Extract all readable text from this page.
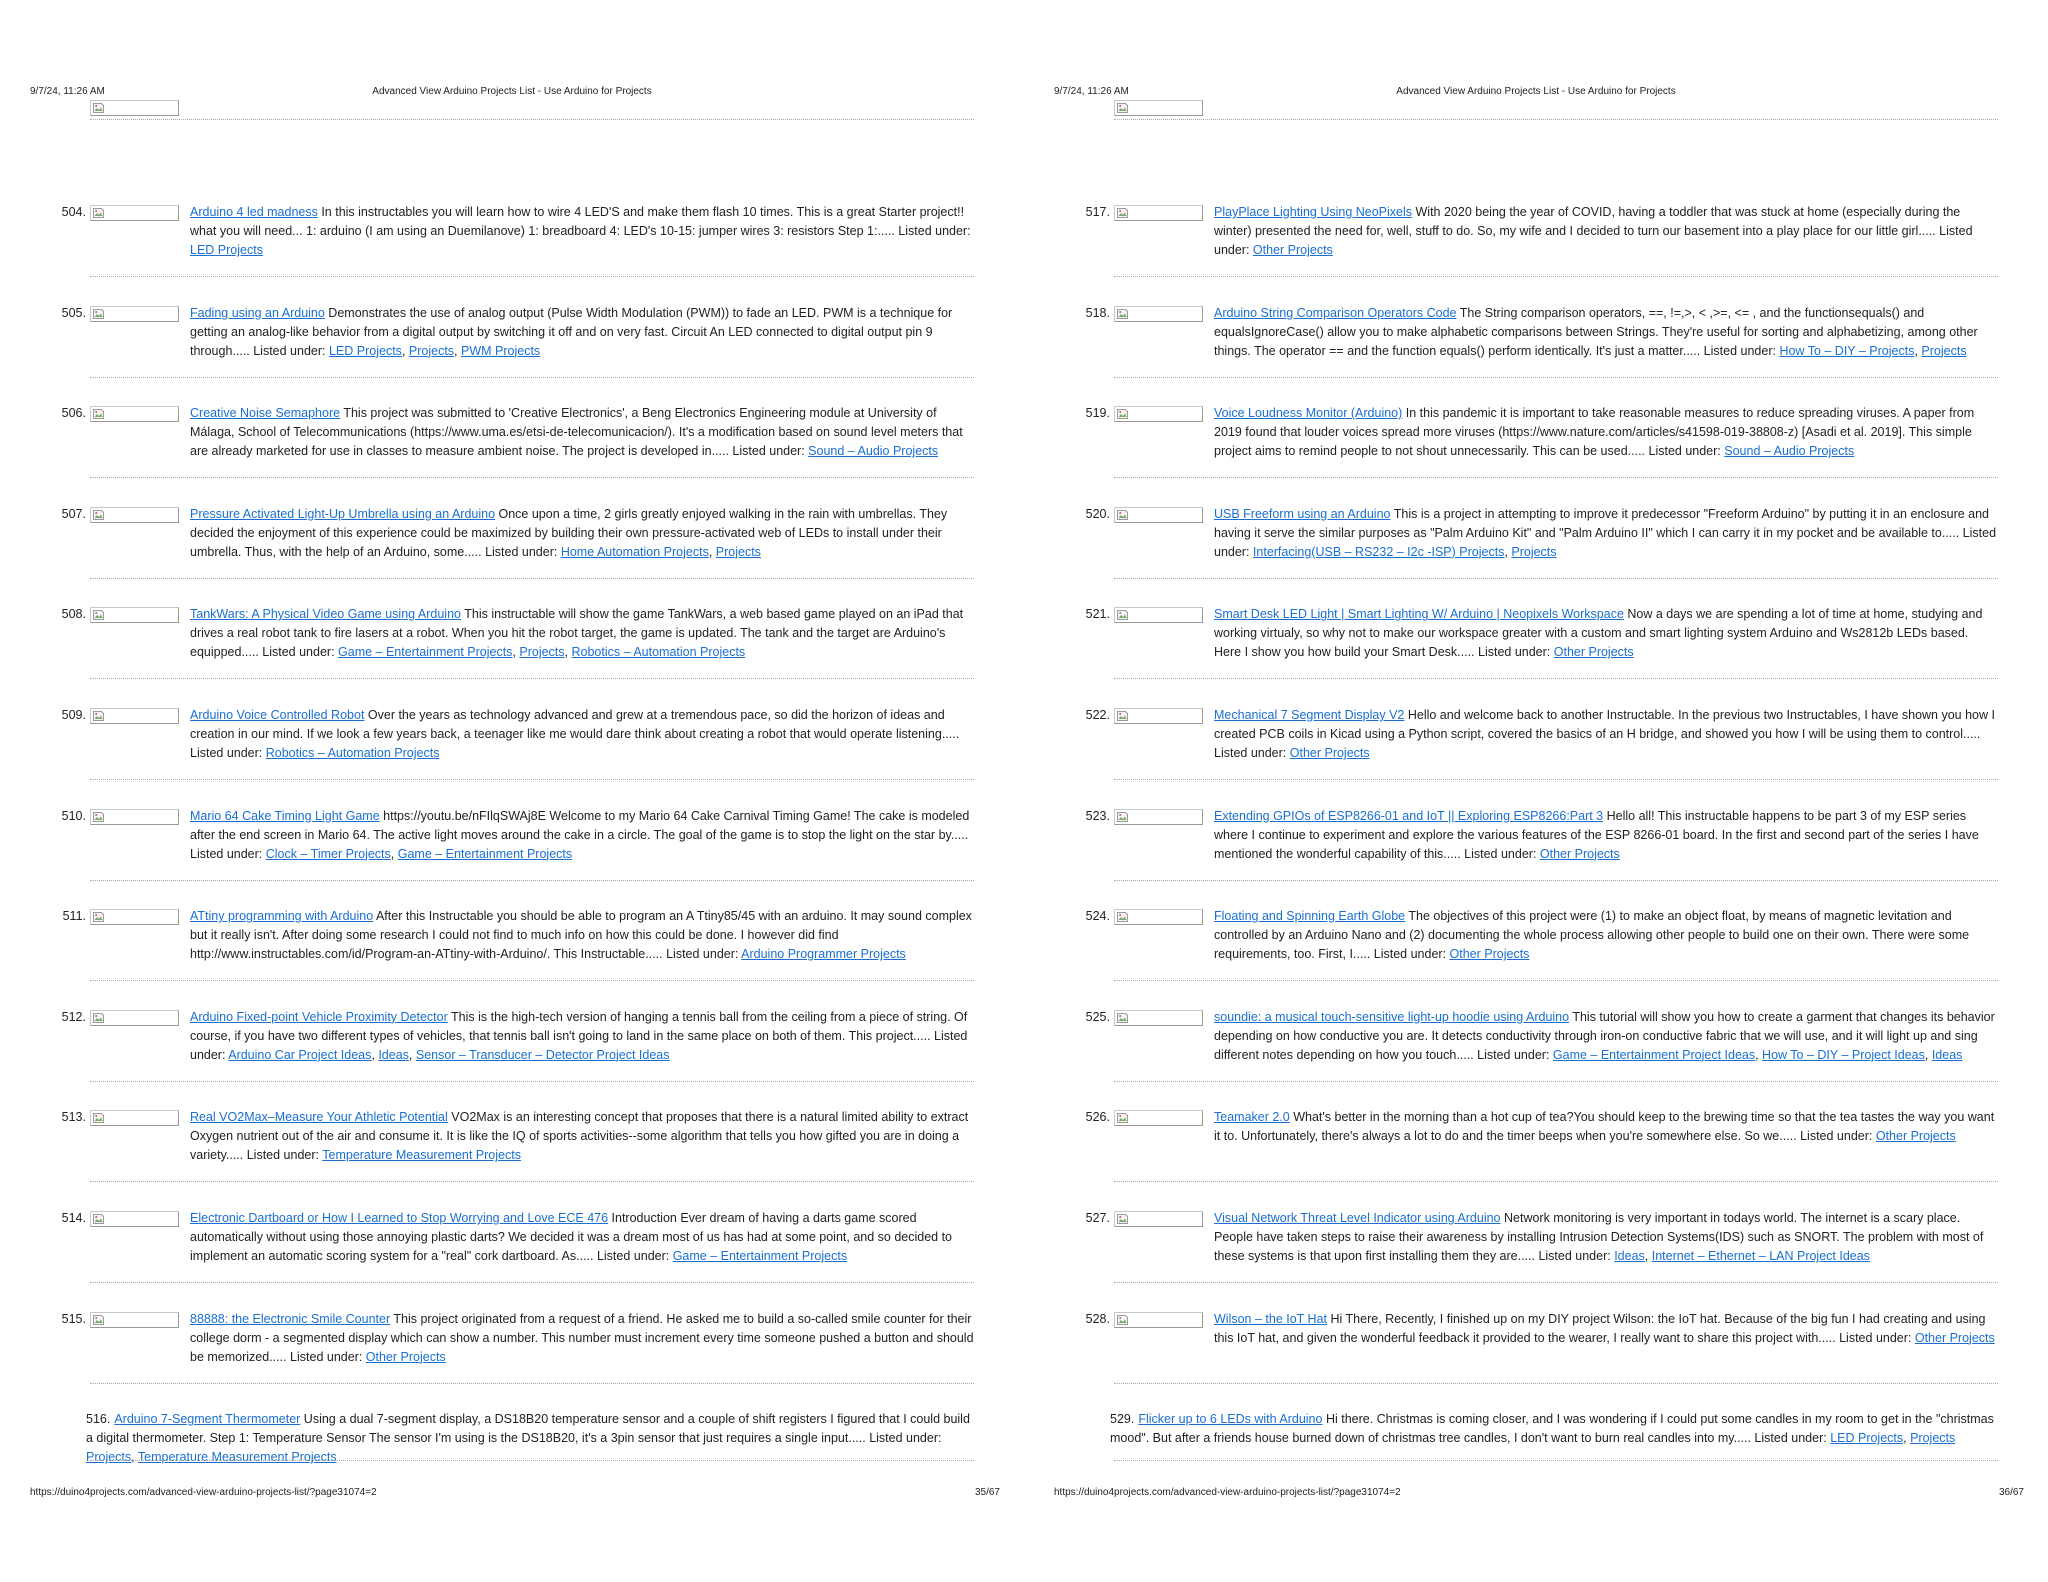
9/7/24, 11:26 AM	Advanced View Arduino Projects List - Use Arduino for Projects
504.	Arduino 4 led madness In this instructables you will learn how to wire 4 LED'S and make them flash 10 times. This is a great Starter project!! what you will need... 1: arduino (I am using an Duemilanove) 1: breadboard 4: LED's 10-15: jumper wires 3: resistors Step 1:..... Listed under: LED Projects
505.	Fading using an Arduino Demonstrates the use of analog output (Pulse Width Modulation (PWM)) to fade an LED. PWM is a technique for getting an analog-like behavior from a digital output by switching it off and on very fast. Circuit An LED connected to digital output pin 9 through..... Listed under: LED Projects, Projects, PWM Projects
506.	Creative Noise Semaphore This project was submitted to 'Creative Electronics', a Beng Electronics Engineering module at University of Málaga, School of Telecommunications (https://www.uma.es/etsi-de-telecomunicacion/). It's a modification based on sound level meters that are already marketed for use in classes to measure ambient noise. The project is developed in..... Listed under: Sound – Audio Projects
507.	Pressure Activated Light-Up Umbrella using an Arduino Once upon a time, 2 girls greatly enjoyed walking in the rain with umbrellas. They decided the enjoyment of this experience could be maximized by building their own pressure-activated web of LEDs to install under their umbrella. Thus, with the help of an Arduino, some..... Listed under: Home Automation Projects, Projects
508.	TankWars: A Physical Video Game using Arduino This instructable will show the game TankWars, a web based game played on an iPad that drives a real robot tank to fire lasers at a robot. When you hit the robot target, the game is updated. The tank and the target are Arduino's equipped..... Listed under: Game – Entertainment Projects, Projects, Robotics – Automation Projects
509.	Arduino Voice Controlled Robot Over the years as technology advanced and grew at a tremendous pace, so did the horizon of ideas and creation in our mind. If we look a few years back, a teenager like me would dare think about creating a robot that would operate listening..... Listed under: Robotics – Automation Projects
510.	Mario 64 Cake Timing Light Game https://youtu.be/nFIlqSWAj8E Welcome to my Mario 64 Cake Carnival Timing Game! The cake is modeled after the end screen in Mario 64. The active light moves around the cake in a circle. The goal of the game is to stop the light on the star by..... Listed under: Clock – Timer Projects, Game – Entertainment Projects
511.	ATtiny programming with Arduino After this Instructable you should be able to program an A Ttiny85/45 with an arduino. It may sound complex but it really isn't. After doing some research I could not find to much info on how this could be done. I however did find http://www.instructables.com/id/Program-an-ATtiny-with-Arduino/. This Instructable..... Listed under: Arduino Programmer Projects
512.	Arduino Fixed-point Vehicle Proximity Detector This is the high-tech version of hanging a tennis ball from the ceiling from a piece of string. Of course, if you have two different types of vehicles, that tennis ball isn't going to land in the same place on both of them. This project..... Listed under: Arduino Car Project Ideas, Ideas, Sensor – Transducer – Detector Project Ideas
513.	Real VO2Max–Measure Your Athletic Potential VO2Max is an interesting concept that proposes that there is a natural limited ability to extract Oxygen nutrient out of the air and consume it. It is like the IQ of sports activities--some algorithm that tells you how gifted you are in doing a variety..... Listed under: Temperature Measurement Projects
514.	Electronic Dartboard or How I Learned to Stop Worrying and Love ECE 476 Introduction Ever dream of having a darts game scored automatically without using those annoying plastic darts? We decided it was a dream most of us has had at some point, and so decided to implement an automatic scoring system for a "real" cork dartboard. As..... Listed under: Game – Entertainment Projects
515.	88888: the Electronic Smile Counter This project originated from a request of a friend. He asked me to build a so-called smile counter for their college dorm - a segmented display which can show a number. This number must increment every time someone pushed a button and should be memorized..... Listed under: Other Projects
516. Arduino 7-Segment Thermometer Using a dual 7-segment display, a DS18B20 temperature sensor and a couple of shift registers I figured that I could build a digital thermometer. Step 1: Temperature Sensor The sensor I'm using is the DS18B20, it's a 3pin sensor that just requires a single input..... Listed under: Projects, Temperature Measurement Projects
https://duino4projects.com/advanced-view-arduino-projects-list/?page31074=2	35/67
9/7/24, 11:26 AM	Advanced View Arduino Projects List - Use Arduino for Projects
517.	PlayPlace Lighting Using NeoPixels With 2020 being the year of COVID, having a toddler that was stuck at home (especially during the winter) presented the need for, well, stuff to do. So, my wife and I decided to turn our basement into a play place for our little girl..... Listed under: Other Projects
518.	Arduino String Comparison Operators Code The String comparison operators, ==, !=,>, < ,>=, <= , and the functionsequals() and equalsIgnoreCase() allow you to make alphabetic comparisons between Strings. They're useful for sorting and alphabetizing, among other things. The operator == and the function equals() perform identically. It's just a matter..... Listed under: How To – DIY – Projects, Projects
519.	Voice Loudness Monitor (Arduino) In this pandemic it is important to take reasonable measures to reduce spreading viruses. A paper from 2019 found that louder voices spread more viruses (https://www.nature.com/articles/s41598-019-38808-z) [Asadi et al. 2019]. This simple project aims to remind people to not shout unnecessarily. This can be used..... Listed under: Sound – Audio Projects
520.	USB Freeform using an Arduino This is a project in attempting to improve it predecessor "Freeform Arduino" by putting it in an enclosure and having it serve the similar purposes as "Palm Arduino Kit" and "Palm Arduino II" which I can carry it in my pocket and be available to..... Listed under: Interfacing(USB – RS232 – I2c -ISP) Projects, Projects
521.	Smart Desk LED Light | Smart Lighting W/ Arduino | Neopixels Workspace Now a days we are spending a lot of time at home, studying and working virtualy, so why not to make our workspace greater with a custom and smart lighting system Arduino and Ws2812b LEDs based. Here I show you how build your Smart Desk..... Listed under: Other Projects
522.	Mechanical 7 Segment Display V2 Hello and welcome back to another Instructable. In the previous two Instructables, I have shown you how I created PCB coils in Kicad using a Python script, covered the basics of an H bridge, and showed you how I will be using them to control..... Listed under: Other Projects
523.	Extending GPIOs of ESP8266-01 and IoT || Exploring ESP8266:Part 3 Hello all! This instructable happens to be part 3 of my ESP series where I continue to experiment and explore the various features of the ESP 8266-01 board. In the first and second part of the series I have mentioned the wonderful capability of this..... Listed under: Other Projects
524.	Floating and Spinning Earth Globe The objectives of this project were (1) to make an object float, by means of magnetic levitation and controlled by an Arduino Nano and (2) documenting the whole process allowing other people to build one on their own. There were some requirements, too. First, I..... Listed under: Other Projects
525.	soundie: a musical touch-sensitive light-up hoodie using Arduino This tutorial will show you how to create a garment that changes its behavior depending on how conductive you are. It detects conductivity through iron-on conductive fabric that we will use, and it will light up and sing different notes depending on how you touch..... Listed under: Game – Entertainment Project Ideas, How To – DIY – Project Ideas, Ideas
526.	Teamaker 2.0 What's better in the morning than a hot cup of tea?You should keep to the brewing time so that the tea tastes the way you want it to. Unfortunately, there's always a lot to do and the timer beeps when you're somewhere else. So we..... Listed under: Other Projects
527.	Visual Network Threat Level Indicator using Arduino Network monitoring is very important in todays world. The internet is a scary place. People have taken steps to raise their awareness by installing Intrusion Detection Systems(IDS) such as SNORT. The problem with most of these systems is that upon first installing them they are..... Listed under: Ideas, Internet – Ethernet – LAN Project Ideas
528.	Wilson – the IoT Hat Hi There, Recently, I finished up on my DIY project Wilson: the IoT hat. Because of the big fun I had creating and using this IoT hat, and given the wonderful feedback it provided to the wearer, I really want to share this project with..... Listed under: Other Projects
529. Flicker up to 6 LEDs with Arduino Hi there. Christmas is coming closer, and I was wondering if I could put some candles in my room to get in the "christmas mood". But after a friends house burned down of christmas tree candles, I don't want to burn real candles into my..... Listed under: LED Projects, Projects
https://duino4projects.com/advanced-view-arduino-projects-list/?page31074=2	36/67
